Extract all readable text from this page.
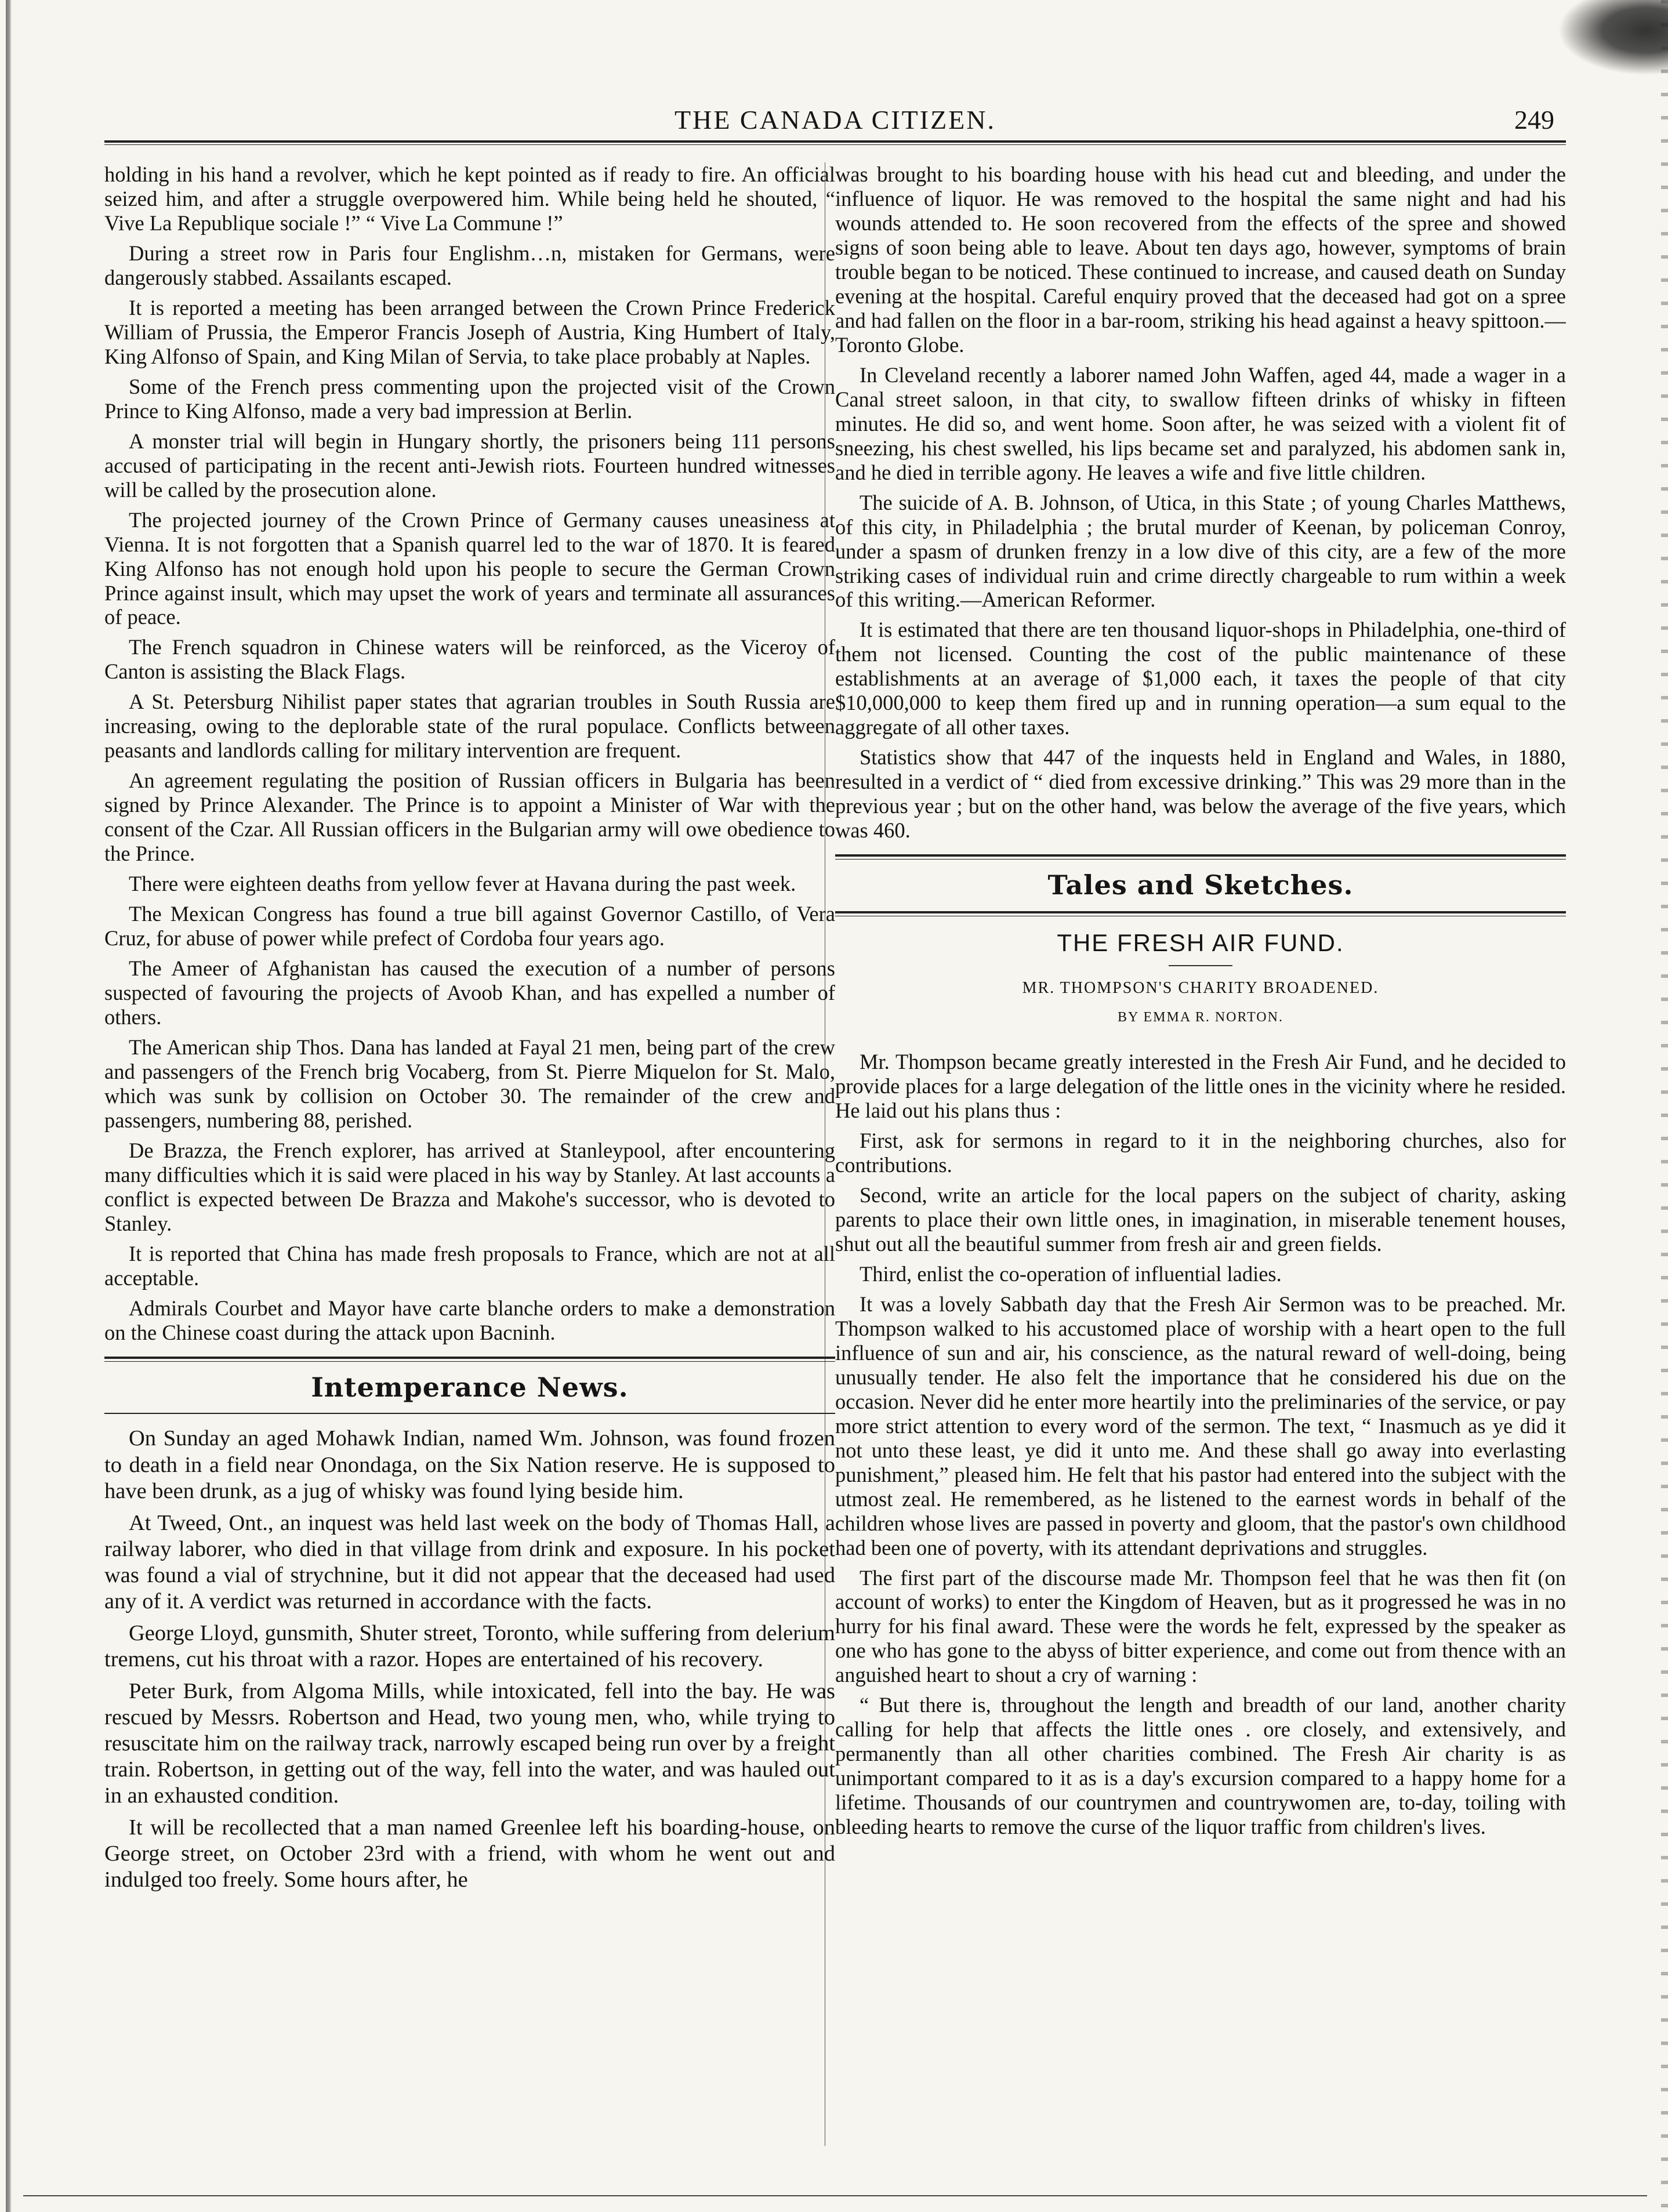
THE CANADA CITIZEN.	249

holding in his hand a revolver, which he kept pointed as if ready to fire. An official seized him, and after a struggle overpowered him. While being held he shouted, “ Vive La Republique sociale !” “ Vive La Commune !”

During a street row in Paris four Englishm…n, mistaken for Germans, were dangerously stabbed. Assailants escaped.

It is reported a meeting has been arranged between the Crown Prince Frederick William of Prussia, the Emperor Francis Joseph of Austria, King Humbert of Italy, King Alfonso of Spain, and King Milan of Servia, to take place probably at Naples.

Some of the French press commenting upon the projected visit of the Crown Prince to King Alfonso, made a very bad impression at Berlin.

A monster trial will begin in Hungary shortly, the prisoners being 111 persons accused of participating in the recent anti-Jewish riots. Fourteen hundred witnesses will be called by the prosecution alone.

The projected journey of the Crown Prince of Germany causes uneasiness at Vienna. It is not forgotten that a Spanish quarrel led to the war of 1870. It is feared King Alfonso has not enough hold upon his people to secure the German Crown Prince against insult, which may upset the work of years and terminate all assurances of peace.

The French squadron in Chinese waters will be reinforced, as the Viceroy of Canton is assisting the Black Flags.

A St. Petersburg Nihilist paper states that agrarian troubles in South Russia are increasing, owing to the deplorable state of the rural populace. Conflicts between peasants and landlords calling for military intervention are frequent.

An agreement regulating the position of Russian officers in Bulgaria has been signed by Prince Alexander. The Prince is to appoint a Minister of War with the consent of the Czar. All Russian officers in the Bulgarian army will owe obedience to the Prince.

There were eighteen deaths from yellow fever at Havana during the past week.

The Mexican Congress has found a true bill against Governor Castillo, of Vera Cruz, for abuse of power while prefect of Cordoba four years ago.

The Ameer of Afghanistan has caused the execution of a number of persons suspected of favouring the projects of Avoob Khan, and has expelled a number of others.

The American ship Thos. Dana has landed at Fayal 21 men, being part of the crew and passengers of the French brig Vocaberg, from St. Pierre Miquelon for St. Malo, which was sunk by collision on October 30. The remainder of the crew and passengers, numbering 88, perished.

De Brazza, the French explorer, has arrived at Stanleypool, after encountering many difficulties which it is said were placed in his way by Stanley. At last accounts a conflict is expected between De Brazza and Makohe's successor, who is devoted to Stanley.

It is reported that China has made fresh proposals to France, which are not at all acceptable.

Admirals Courbet and Mayor have carte blanche orders to make a demonstration on the Chinese coast during the attack upon Bacninh.

Intemperance News.

On Sunday an aged Mohawk Indian, named Wm. Johnson, was found frozen to death in a field near Onondaga, on the Six Nation reserve. He is supposed to have been drunk, as a jug of whisky was found lying beside him.

At Tweed, Ont., an inquest was held last week on the body of Thomas Hall, a railway laborer, who died in that village from drink and exposure. In his pocket was found a vial of strychnine, but it did not appear that the deceased had used any of it. A verdict was returned in accordance with the facts.

George Lloyd, gunsmith, Shuter street, Toronto, while suffering from delerium tremens, cut his throat with a razor. Hopes are entertained of his recovery.

Peter Burk, from Algoma Mills, while intoxicated, fell into the bay. He was rescued by Messrs. Robertson and Head, two young men, who, while trying to resuscitate him on the railway track, narrowly escaped being run over by a freight train. Robertson, in getting out of the way, fell into the water, and was hauled out in an exhausted condition.

It will be recollected that a man named Greenlee left his boarding-house, on George street, on October 23rd with a friend, with whom he went out and indulged too freely. Some hours after, he

was brought to his boarding house with his head cut and bleeding, and under the influence of liquor. He was removed to the hospital the same night and had his wounds attended to. He soon recovered from the effects of the spree and showed signs of soon being able to leave. About ten days ago, however, symptoms of brain trouble began to be noticed. These continued to increase, and caused death on Sunday evening at the hospital. Careful enquiry proved that the deceased had got on a spree and had fallen on the floor in a bar-room, striking his head against a heavy spittoon.—Toronto Globe.

In Cleveland recently a laborer named John Waffen, aged 44, made a wager in a Canal street saloon, in that city, to swallow fifteen drinks of whisky in fifteen minutes. He did so, and went home. Soon after, he was seized with a violent fit of sneezing, his chest swelled, his lips became set and paralyzed, his abdomen sank in, and he died in terrible agony. He leaves a wife and five little children.

The suicide of A. B. Johnson, of Utica, in this State ; of young Charles Matthews, of this city, in Philadelphia ; the brutal murder of Keenan, by policeman Conroy, under a spasm of drunken frenzy in a low dive of this city, are a few of the more striking cases of individual ruin and crime directly chargeable to rum within a week of this writing.—American Reformer.

It is estimated that there are ten thousand liquor-shops in Philadelphia, one-third of them not licensed. Counting the cost of the public maintenance of these establishments at an average of $1,000 each, it taxes the people of that city $10,000,000 to keep them fired up and in running operation—a sum equal to the aggregate of all other taxes.

Statistics show that 447 of the inquests held in England and Wales, in 1880, resulted in a verdict of “ died from excessive drinking.” This was 29 more than in the previous year ; but on the other hand, was below the average of the five years, which was 460.

Tales and Sketches.
THE FRESH AIR FUND.
MR. THOMPSON'S CHARITY BROADENED.
BY EMMA R. NORTON.

Mr. Thompson became greatly interested in the Fresh Air Fund, and he decided to provide places for a large delegation of the little ones in the vicinity where he resided. He laid out his plans thus :

First, ask for sermons in regard to it in the neighboring churches, also for contributions.

Second, write an article for the local papers on the subject of charity, asking parents to place their own little ones, in imagination, in miserable tenement houses, shut out all the beautiful summer from fresh air and green fields.

Third, enlist the co-operation of influential ladies.

It was a lovely Sabbath day that the Fresh Air Sermon was to be preached. Mr. Thompson walked to his accustomed place of worship with a heart open to the full influence of sun and air, his conscience, as the natural reward of well-doing, being unusually tender. He also felt the importance that he considered his due on the occasion. Never did he enter more heartily into the preliminaries of the service, or pay more strict attention to every word of the sermon. The text, “ Inasmuch as ye did it not unto these least, ye did it unto me. And these shall go away into everlasting punishment,” pleased him. He felt that his pastor had entered into the subject with the utmost zeal. He remembered, as he listened to the earnest words in behalf of the children whose lives are passed in poverty and gloom, that the pastor's own childhood had been one of poverty, with its attendant deprivations and struggles.

The first part of the discourse made Mr. Thompson feel that he was then fit (on account of works) to enter the Kingdom of Heaven, but as it progressed he was in no hurry for his final award. These were the words he felt, expressed by the speaker as one who has gone to the abyss of bitter experience, and come out from thence with an anguished heart to shout a cry of warning :

“ But there is, throughout the length and breadth of our land, another charity calling for help that affects the little ones . ore closely, and extensively, and permanently than all other charities combined. The Fresh Air charity is as unimportant compared to it as is a day's excursion compared to a happy home for a lifetime. Thousands of our countrymen and countrywomen are, to-day, toiling with bleeding hearts to remove the curse of the liquor traffic from children's lives.
